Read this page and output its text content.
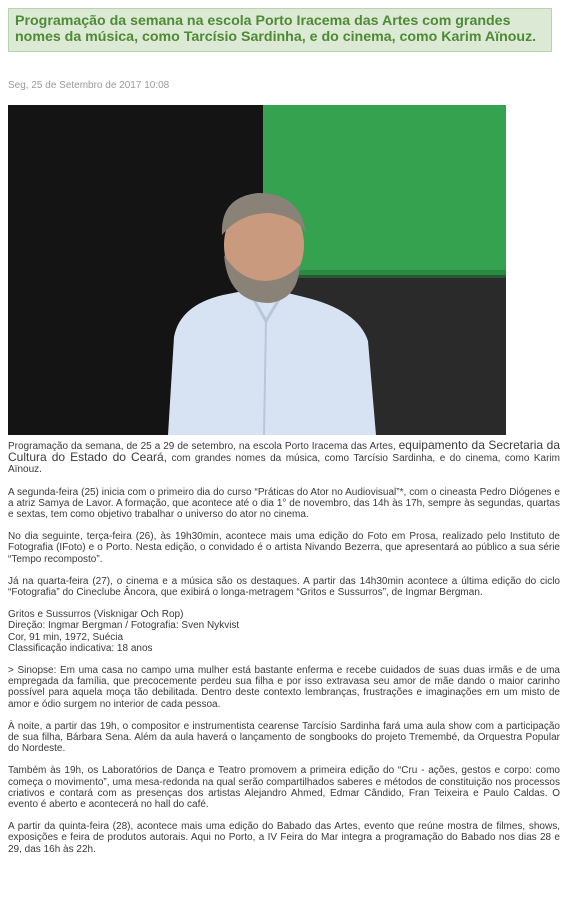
Programação da semana na escola Porto Iracema das Artes com grandes nomes da música, como Tarcísio Sardinha, e do cinema, como Karim Aïnouz.
Seg, 25 de Setembro de 2017 10:08

Programação da semana, de 25 a 29 de setembro, na escola Porto Iracema das Artes, equipamento da Secretaria da Cultura do Estado do Ceará, com grandes nomes da música, como Tarcísio Sardinha, e do cinema, como Karim Aïnouz.

A segunda-feira (25) inicia com o primeiro dia do curso “Práticas do Ator no Audiovisual”*, com o cineasta Pedro Diógenes e a atriz Samya de Lavor. A formação, que acontece até o dia 1° de novembro, das 14h às 17h, sempre às segundas, quartas e sextas, tem como objetivo trabalhar o universo do ator no cinema.

No dia seguinte, terça-feira (26), às 19h30min, acontece mais uma edição do Foto em Prosa, realizado pelo Instituto de Fotografia (IFoto) e o Porto. Nesta edição, o convidado é o artista Nivando Bezerra, que apresentará ao público a sua série “Tempo recomposto”.

Já na quarta-feira (27), o cinema e a música são os destaques. A partir das 14h30min acontece a última edição do ciclo “Fotografia” do Cineclube Âncora, que exibirá o longa-metragem “Gritos e Sussurros”, de Ingmar Bergman.

Gritos e Sussurros (Visknigar Och Rop)
Direção: Ingmar Bergman / Fotografia: Sven Nykvist
Cor, 91 min, 1972, Suécia
Classificação indicativa: 18 anos

> Sinopse: Em uma casa no campo uma mulher está bastante enferma e recebe cuidados de suas duas irmãs e de uma empregada da família, que precocemente perdeu sua filha e por isso extravasa seu amor de mãe dando o maior carinho possível para aquela moça tão debilitada. Dentro deste contexto lembranças, frustrações e imaginações em um misto de amor e ódio surgem no interior de cada pessoa.

À noite, a partir das 19h, o compositor e instrumentista cearense Tarcísio Sardinha fará uma aula show com a participação de sua filha, Bárbara Sena. Além da aula haverá o lançamento de songbooks do projeto Tremembé, da Orquestra Popular do Nordeste.

Também às 19h, os Laboratórios de Dança e Teatro promovem a primeira edição do “Cru - ações, gestos e corpo: como começa o movimento”, uma mesa-redonda na qual serão compartilhados saberes e métodos de constituição nos processos criativos e contará com as presenças dos artistas Alejandro Ahmed, Edmar Cândido, Fran Teixeira e Paulo Caldas. O evento é aberto e acontecerá no hall do café.

A partir da quinta-feira (28), acontece mais uma edição do Babado das Artes, evento que reúne mostra de filmes, shows, exposições e feira de produtos autorais. Aqui no Porto, a IV Feira do Mar integra a programação do Babado nos dias 28 e 29, das 16h às 22h.
